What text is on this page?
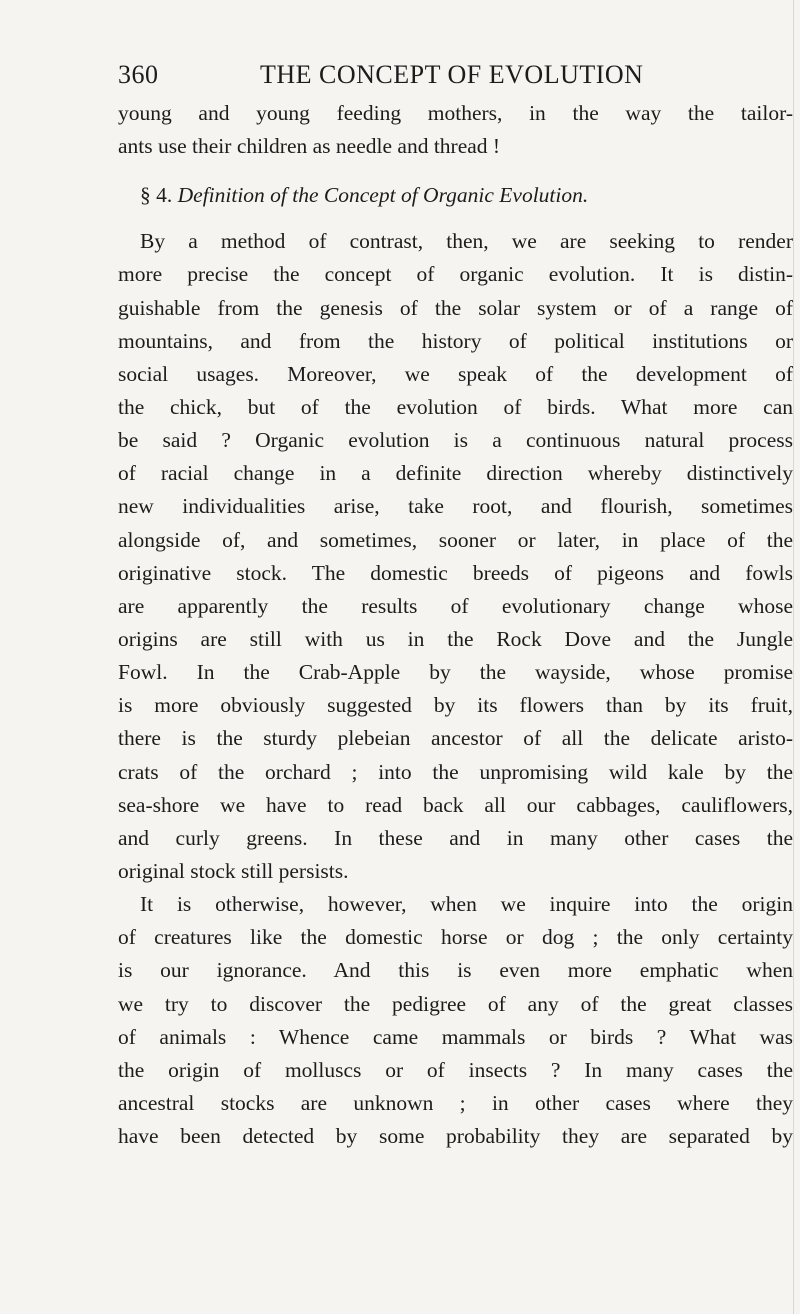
360	THE CONCEPT OF EVOLUTION
young and young feeding mothers, in the way the tailor-
ants use their children as needle and thread !
§ 4. Definition of the Concept of Organic Evolution.
By a method of contrast, then, we are seeking to render
more precise the concept of organic evolution. It is distin-
guishable from the genesis of the solar system or of a range of
mountains, and from the history of political institutions or
social usages. Moreover, we speak of the development of
the chick, but of the evolution of birds. What more can
be said ? Organic evolution is a continuous natural process
of racial change in a definite direction whereby distinctively
new individualities arise, take root, and flourish, sometimes
alongside of, and sometimes, sooner or later, in place of the
originative stock. The domestic breeds of pigeons and fowls
are apparently the results of evolutionary change whose
origins are still with us in the Rock Dove and the Jungle
Fowl. In the Crab-Apple by the wayside, whose promise
is more obviously suggested by its flowers than by its fruit,
there is the sturdy plebeian ancestor of all the delicate aristo-
crats of the orchard ; into the unpromising wild kale by the
sea-shore we have to read back all our cabbages, cauliflowers,
and curly greens. In these and in many other cases the
original stock still persists.
It is otherwise, however, when we inquire into the origin
of creatures like the domestic horse or dog ; the only certainty
is our ignorance. And this is even more emphatic when
we try to discover the pedigree of any of the great classes
of animals : Whence came mammals or birds ? What was
the origin of molluscs or of insects ? In many cases the
ancestral stocks are unknown ; in other cases where they
have been detected by some probability they are separated by
